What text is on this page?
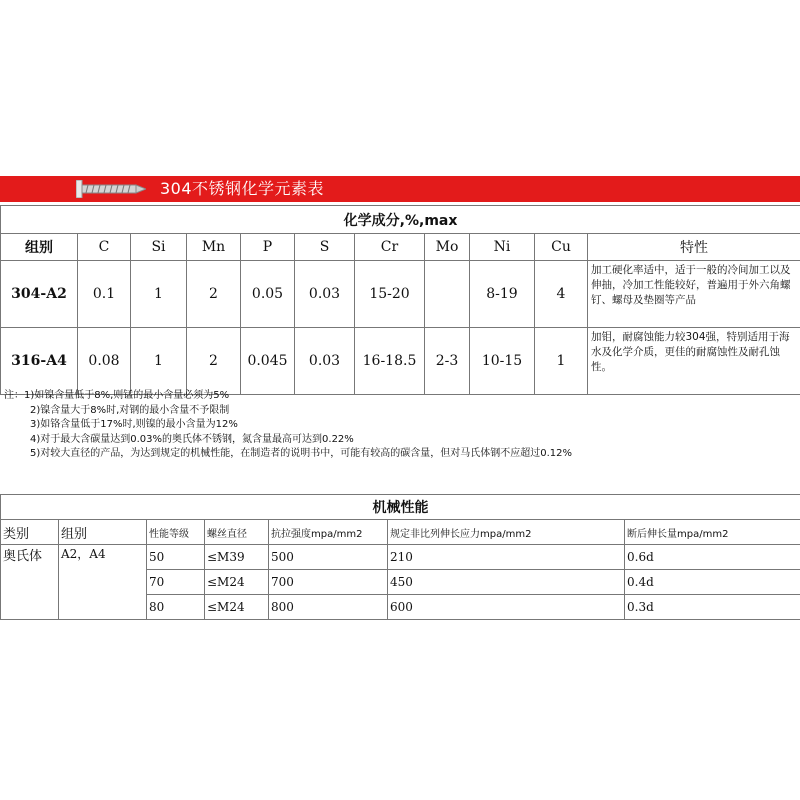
304不锈钢化学元素表
化学成分,%,max										
组别	C	Si	Mn	P	S	Cr	Mo	Ni	Cu	特性
304-A2	0.1	1	2	0.05	0.03	15-20		8-19	4	加工硬化率适中，适于一般的冷间加工以及伸抽，冷加工性能较好，普遍用于外六角螺钉、螺母及垫圈等产品
316-A4	0.08	1	2	0.045	0.03	16-18.5	2-3	10-15	1	加钼，耐腐蚀能力较304强，特别适用于海水及化学介质，更佳的耐腐蚀性及耐孔蚀性。
注：1)如镍含量低于8%,则锰的最小含量必须为5%
2)镍含量大于8%时,对钢的最小含量不予限制
3)如铬含量低于17%时,则镍的最小含量为12%
4)对于最大含碳量达到0.03%的奥氏体不锈钢，氮含量最高可达到0.22%
5)对较大直径的产品，为达到规定的机械性能，在制造者的说明书中，可能有较高的碳含量，但对马氏体钢不应超过0.12%
机械性能						
类别	组别	性能等级	螺丝直径	抗拉强度mpa/mm2	规定非比列伸长应力mpa/mm2	断后伸长量mpa/mm2
奥氏体	A2，A4	50	≤M39	500	210	0.6d
		70	≤M24	700	450	0.4d
		80	≤M24	800	600	0.3d
